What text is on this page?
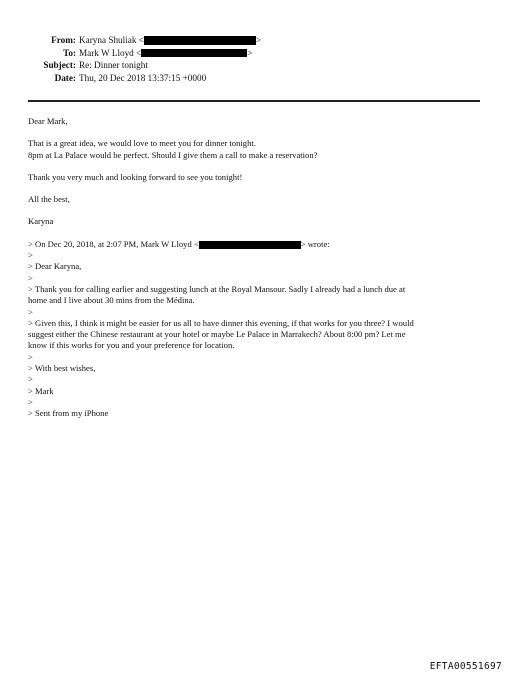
From: Karyna Shuliak <	>
To: Mark W Lloyd <	>
Subject: Re: Dinner tonight
Date: Thu, 20 Dec 2018 13:37:15 +0000

Dear Mark,

That is a great idea, we would love to meet you for dinner tonight.

8pm at La Palace would be perfect. Should I give them a call to make a reservation?

Thank you very much and looking forward to see you tonight!

All the best,

Karyna

> On Dec 20, 2018, at 2:07 PM, Mark W Lloyd <	> wrote:

>

> Dear Karyna,

>

> Thank you for calling earlier and suggesting lunch at the Royal Mansour. Sadly I already had a lunch due at

home and I live about 30 mins from the Médina.

>

> Given this, I think it might be easier for us all to have dinner this evening, if that works for you three? I would

suggest either the Chinese restaurant at your hotel or maybe Le Palace in Marrakech? About 8:00 pm? Let me

know if this works for you and your preference for location.

>

> With best wishes,

>

> Mark

>

> Sent from my iPhone

EFTA00551697
